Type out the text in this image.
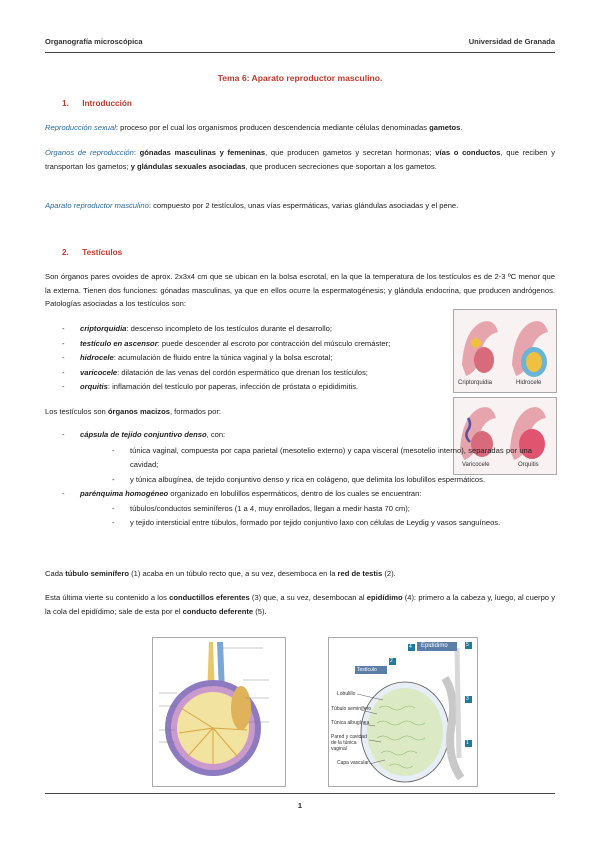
Organografía microscópica	Universidad de Granada
Tema 6: Aparato reproductor masculino.
1. Introducción
Reproducción sexual: proceso por el cual los organismos producen descendencia mediante células denominadas gametos.
Órganos de reproducción: gónadas masculinas y femeninas, que producen gametos y secretan hormonas; vías o conductos, que reciben y transportan los gametos; y glándulas sexuales asociadas, que producen secreciones que soportan a los gametos.
Aparato reproductor masculino: compuesto por 2 testículos, unas vías espermáticas, varias glándulas asociadas y el pene.
2. Testículos
Son órganos pares ovoides de aprox. 2x3x4 cm que se ubican en la bolsa escrotal, en la que la temperatura de los testículos es de 2-3 ºC menor que la externa. Tienen dos funciones: gónadas masculinas, ya que en ellos ocurre la espermatogénesis; y glándula endocrina, que producen andrógenos. Patologías asociadas a los testículos son:
- criptorquidia: descenso incompleto de los testículos durante el desarrollo;
- testículo en ascensor: puede descender al escroto por contracción del músculo cremáster;
- hidrocele: acumulación de fluido entre la túnica vaginal y la bolsa escrotal;
- varicocele: dilatación de las venas del cordón espermático que drenan los testículos;
- orquitis: inflamación del testículo por paperas, infección de próstata o epididimitis.	Criptorquidia	Hidrocele
Los testículos son órganos macizos, formados por:
Varicocele	Orquitis
- cápsula de tejido conjuntivo denso, con:
- túnica vaginal, compuesta por capa parietal (mesotelio externo) y capa visceral (mesotelio interno), separadas por una cavidad;
- y túnica albugínea, de tejido conjuntivo denso y rica en colágeno, que delimita los lobulillos espermáticos.
- parénquima homogéneo organizado en lobulillos espermáticos, dentro de los cuales se encuentran:
- túbulos/conductos seminíferos (1 a 4, muy enrollados, llegan a medir hasta 70 cm);
- y tejido intersticial entre túbulos, formado por tejido conjuntivo laxo con células de Leydig y vasos sanguíneos.
Cada túbulo seminífero (1) acaba en un túbulo recto que, a su vez, desemboca en la red de testis (2).
Esta última vierte su contenido a los conductillos eferentes (3) que, a su vez, desembocan al epidídimo (4): primero a la cabeza y, luego, al cuerpo y la cola del epidídimo; sale de esta por el conducto deferente (5).
Epidídimo
Testículo
Lobulillo
Túbulo seminífero
Túnica albugínea
Pared y cavidad de la túnica vaginal
Capa vascular
4	5
3
2
1
1
